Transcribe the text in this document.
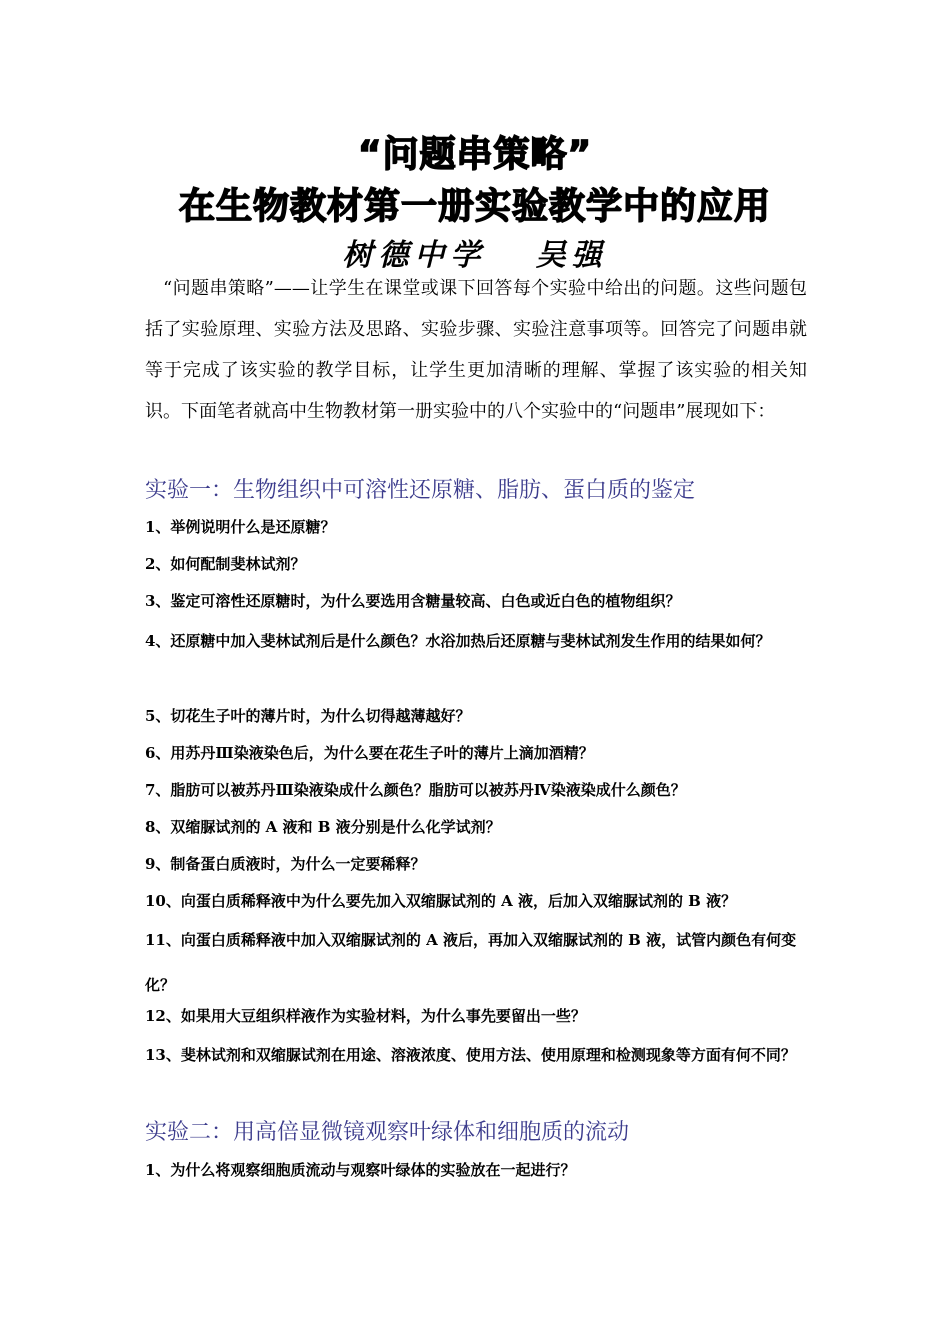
“问题串策略”
在生物教材第一册实验教学中的应用
树德中学   吴强
“问题串策略”——让学生在课堂或课下回答每个实验中给出的问题。这些问题包括了实验原理、实验方法及思路、实验步骤、实验注意事项等。回答完了问题串就等于完成了该实验的教学目标，让学生更加清晰的理解、掌握了该实验的相关知识。下面笔者就高中生物教材第一册实验中的八个实验中的“问题串”展现如下：
实验一：生物组织中可溶性还原糖、脂肪、蛋白质的鉴定
1、举例说明什么是还原糖？
2、如何配制斐林试剂？
3、鉴定可溶性还原糖时，为什么要选用含糖量较高、白色或近白色的植物组织？
4、还原糖中加入斐林试剂后是什么颜色？水浴加热后还原糖与斐林试剂发生作用的结果如何？
5、切花生子叶的薄片时，为什么切得越薄越好？
6、用苏丹Ⅲ染液染色后，为什么要在花生子叶的薄片上滴加酒精？
7、脂肪可以被苏丹Ⅲ染液染成什么颜色？脂肪可以被苏丹Ⅳ染液染成什么颜色？
8、双缩脲试剂的 A 液和 B 液分别是什么化学试剂？
9、制备蛋白质液时，为什么一定要稀释？
10、向蛋白质稀释液中为什么要先加入双缩脲试剂的 A 液，后加入双缩脲试剂的 B 液？
11、向蛋白质稀释液中加入双缩脲试剂的 A 液后，再加入双缩脲试剂的 B 液，试管内颜色有何变化？
12、如果用大豆组织样液作为实验材料，为什么事先要留出一些？
13、斐林试剂和双缩脲试剂在用途、溶液浓度、使用方法、使用原理和检测现象等方面有何不同？
实验二：用高倍显微镜观察叶绿体和细胞质的流动
1、为什么将观察细胞质流动与观察叶绿体的实验放在一起进行？
